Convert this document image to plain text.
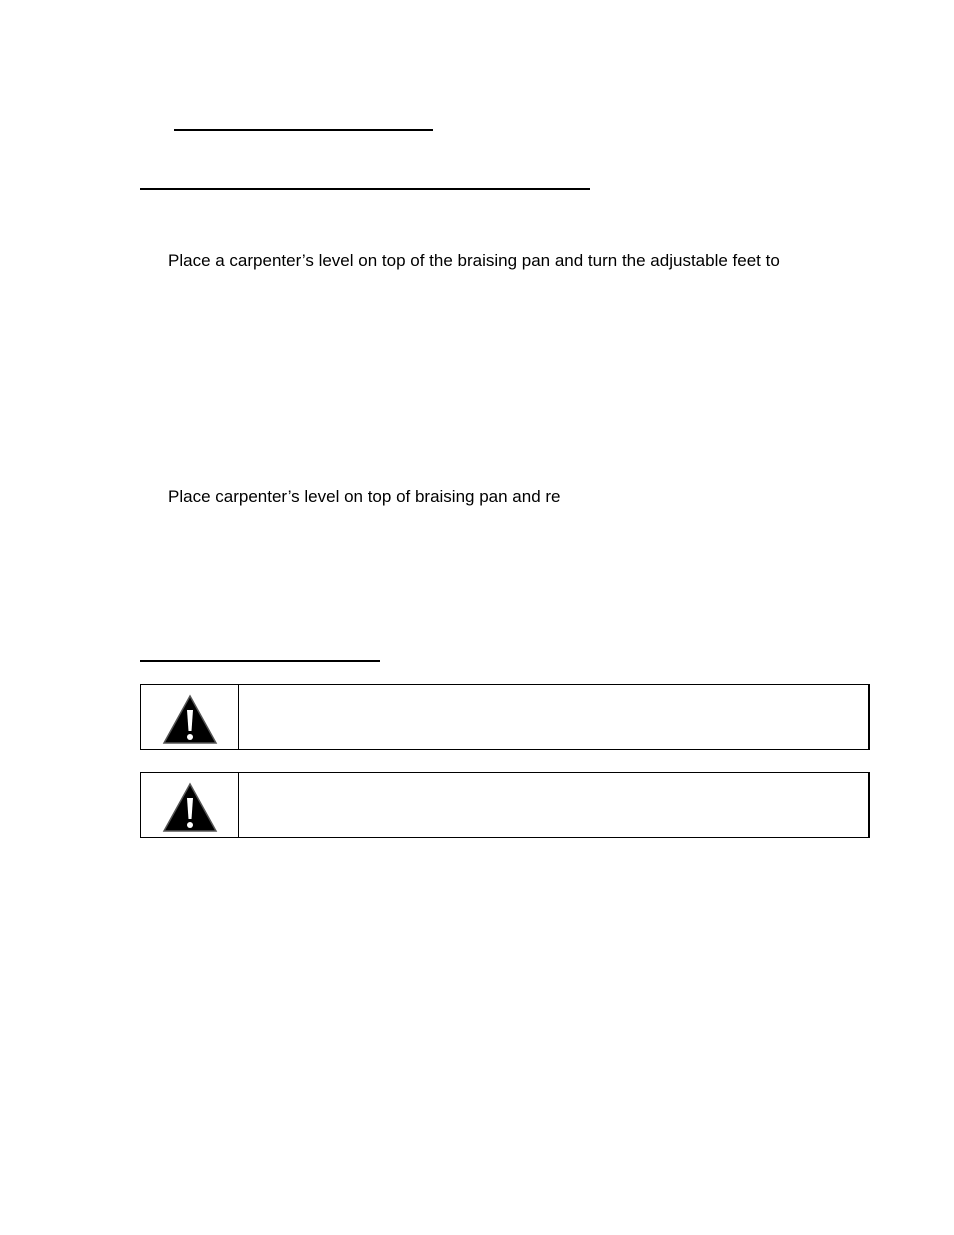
Place a carpenter’s level on top of the braising pan and turn the adjustable feet to
Place carpenter’s level on top of braising pan and re
